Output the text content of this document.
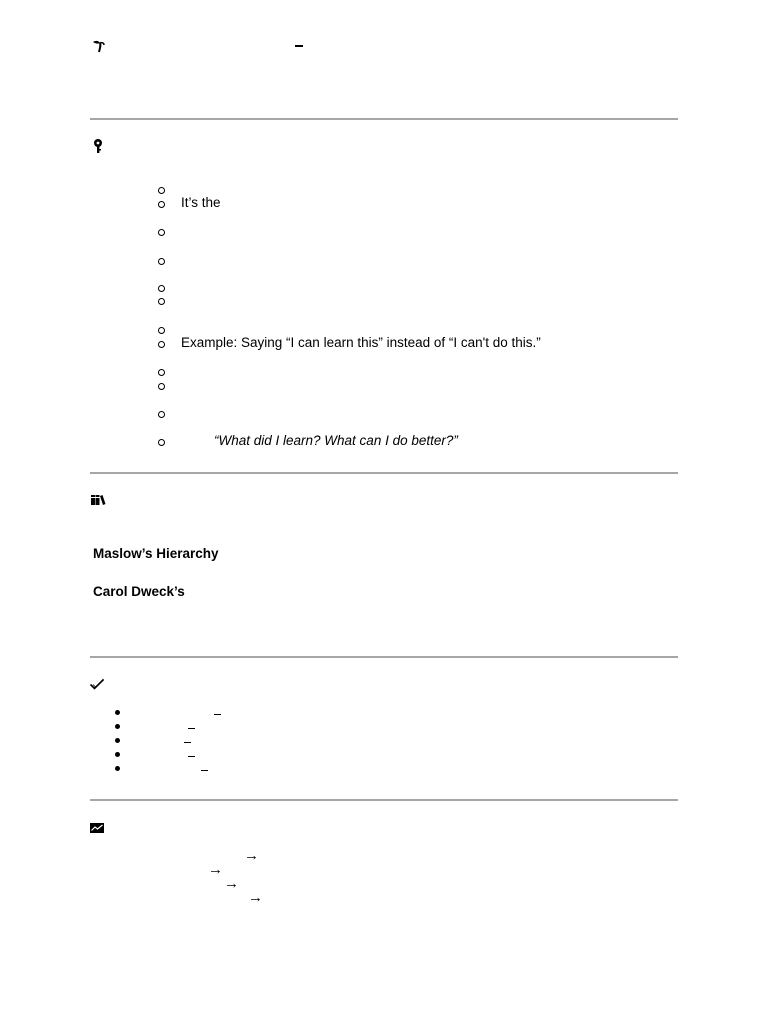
It’s the
Example: Saying “I can learn this” instead of “I can't do this.”
“What did I learn? What can I do better?”
Maslow’s Hierarchy
Carol Dweck’s
→
→
→
→
